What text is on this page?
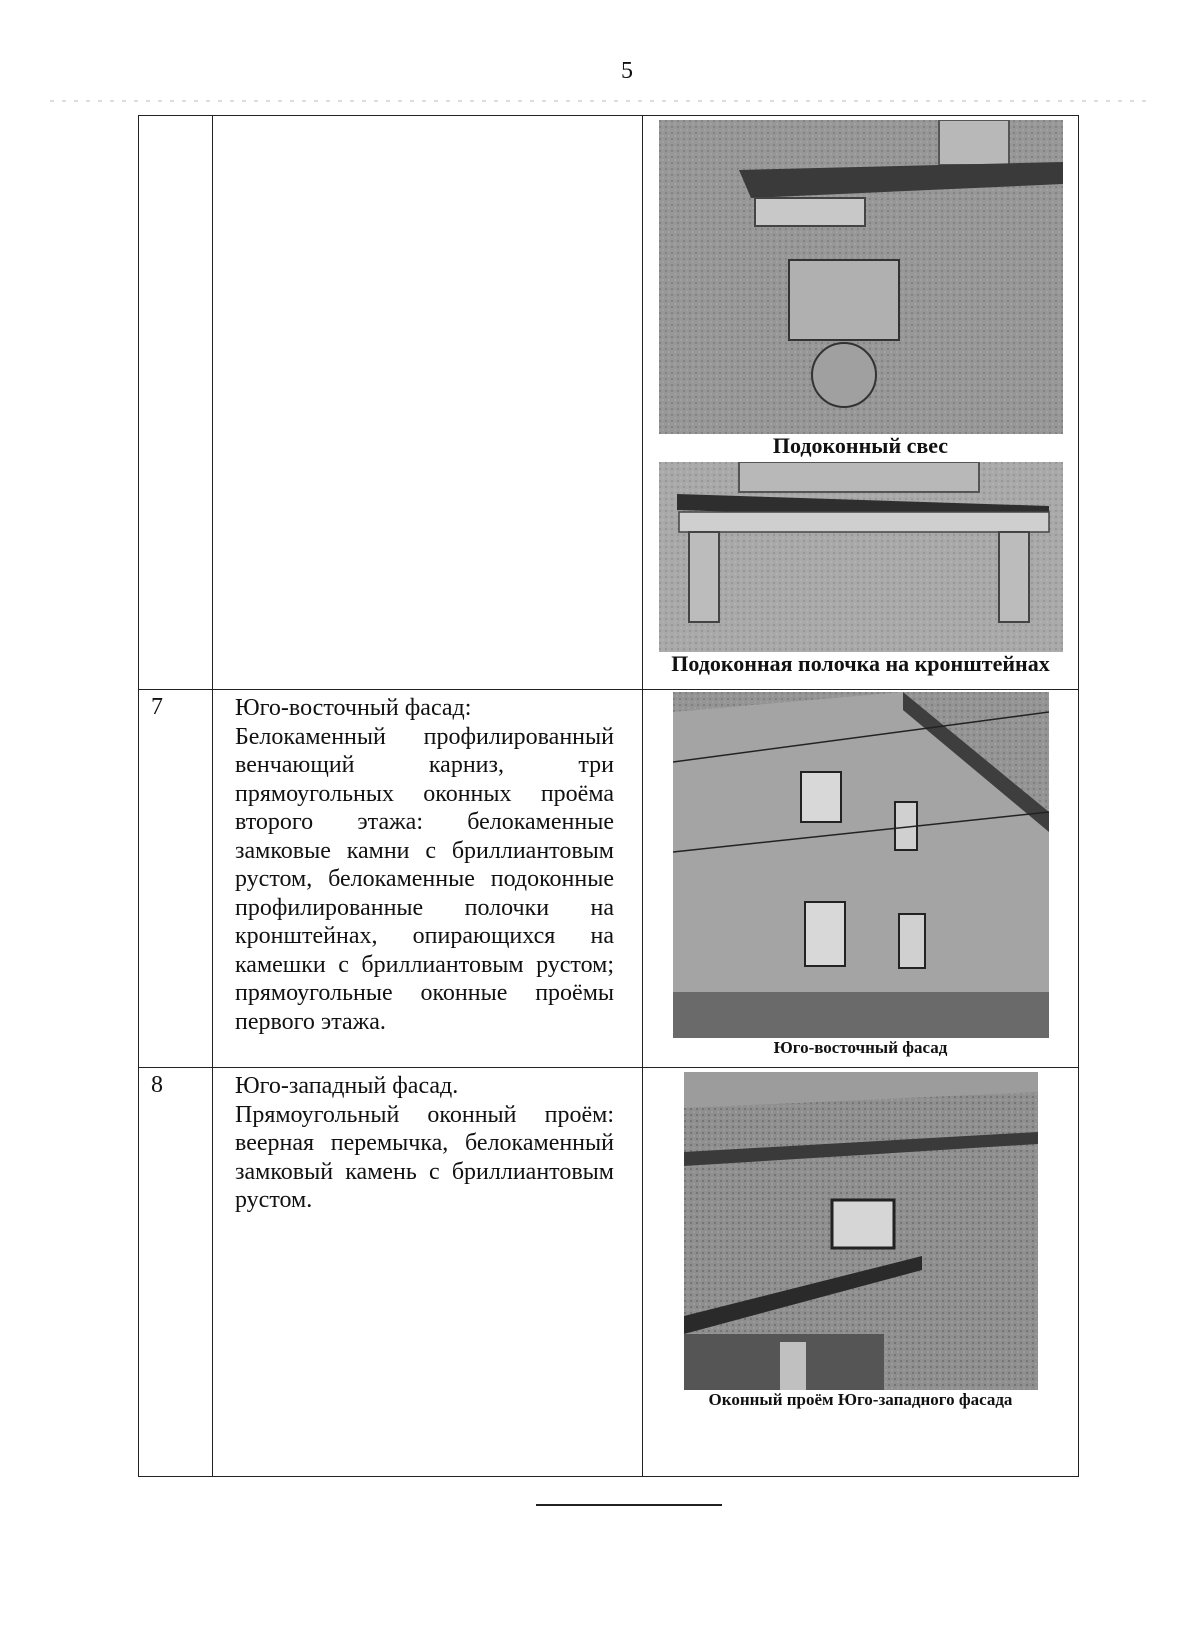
5

		Подоконный свес
Подоконная полочка на кронштейнах

7	Юго-восточный фасад:
Белокаменный профилированный венчающий карниз, три прямоугольных оконных проёма второго этажа: белокаменные замковые камни с бриллиантовым рустом, белокаменные подоконные профилированные полочки на кронштейнах, опирающихся на камешки с бриллиантовым рустом; прямоугольные оконные проёмы первого этажа.	Юго-восточный фасад

8	Юго-западный фасад.
Прямоугольный оконный проём: веерная перемычка, белокаменный замковый камень с бриллиантовым рустом.	Оконный проём Юго-западного фасада
